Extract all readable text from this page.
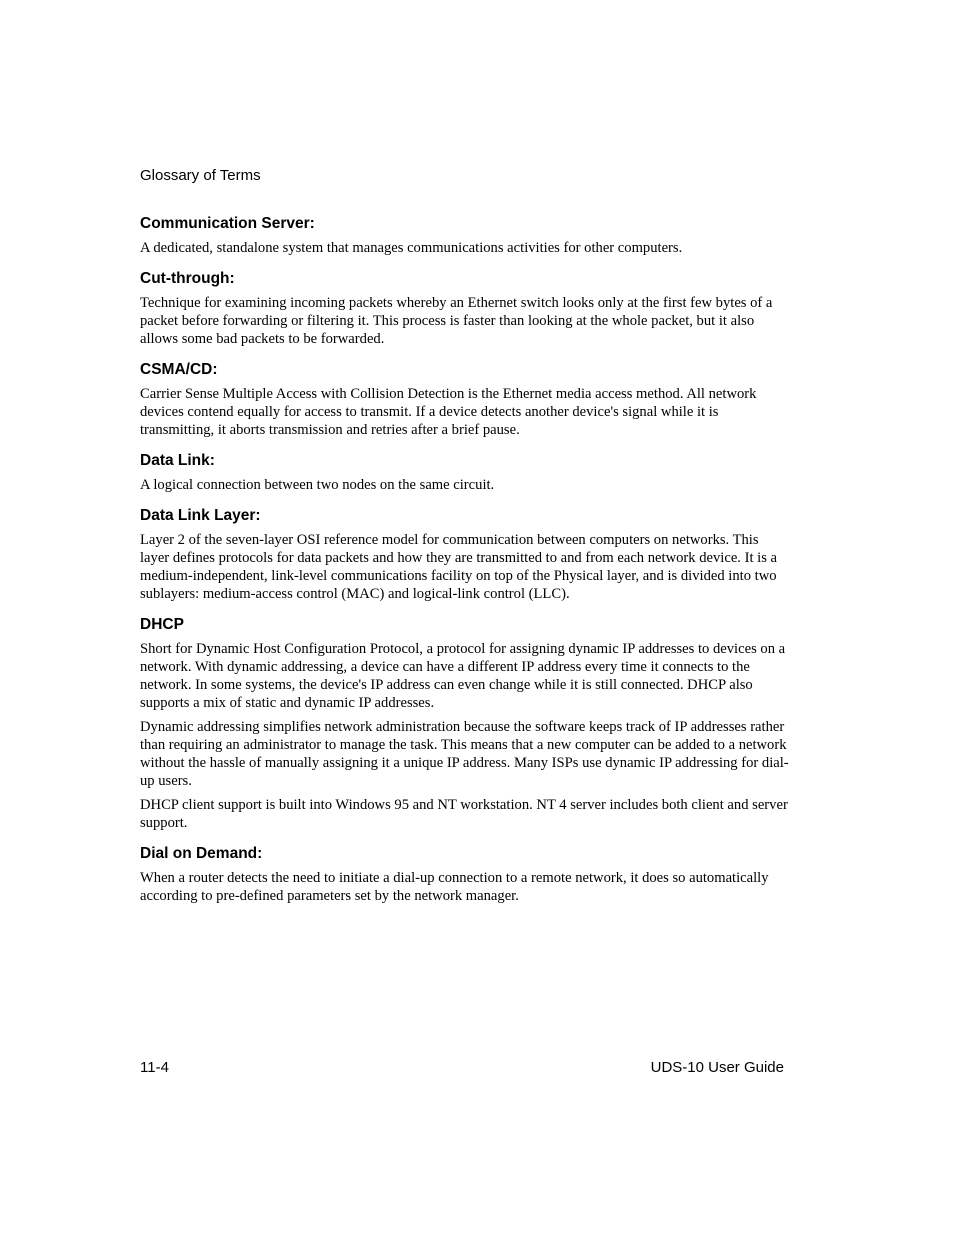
Glossary of Terms

Communication Server:

A dedicated, standalone system that manages communications activities for other computers.

Cut-through:

Technique for examining incoming packets whereby an Ethernet switch looks only at the first few bytes of a packet before forwarding or filtering it. This process is faster than looking at the whole packet, but it also allows some bad packets to be forwarded.

CSMA/CD:

Carrier Sense Multiple Access with Collision Detection is the Ethernet media access method. All network devices contend equally for access to transmit. If a device detects another device's signal while it is transmitting, it aborts transmission and retries after a brief pause.

Data Link:

A logical connection between two nodes on the same circuit.

Data Link Layer:

Layer 2 of the seven-layer OSI reference model for communication between computers on networks. This layer defines protocols for data packets and how they are transmitted to and from each network device. It is a medium-independent, link-level communications facility on top of the Physical layer, and is divided into two sublayers: medium-access control (MAC) and logical-link control (LLC).

DHCP

Short for Dynamic Host Configuration Protocol, a protocol for assigning dynamic IP addresses to devices on a network. With dynamic addressing, a device can have a different IP address every time it connects to the network. In some systems, the device's IP address can even change while it is still connected. DHCP also supports a mix of static and dynamic IP addresses.

Dynamic addressing simplifies network administration because the software keeps track of IP addresses rather than requiring an administrator to manage the task. This means that a new computer can be added to a network without the hassle of manually assigning it a unique IP address. Many ISPs use dynamic IP addressing for dial-up users.

DHCP client support is built into Windows 95 and NT workstation. NT 4 server includes both client and server support.

Dial on Demand:

When a router detects the need to initiate a dial-up connection to a remote network, it does so automatically according to pre-defined parameters set by the network manager.

11-4	UDS-10 User Guide
